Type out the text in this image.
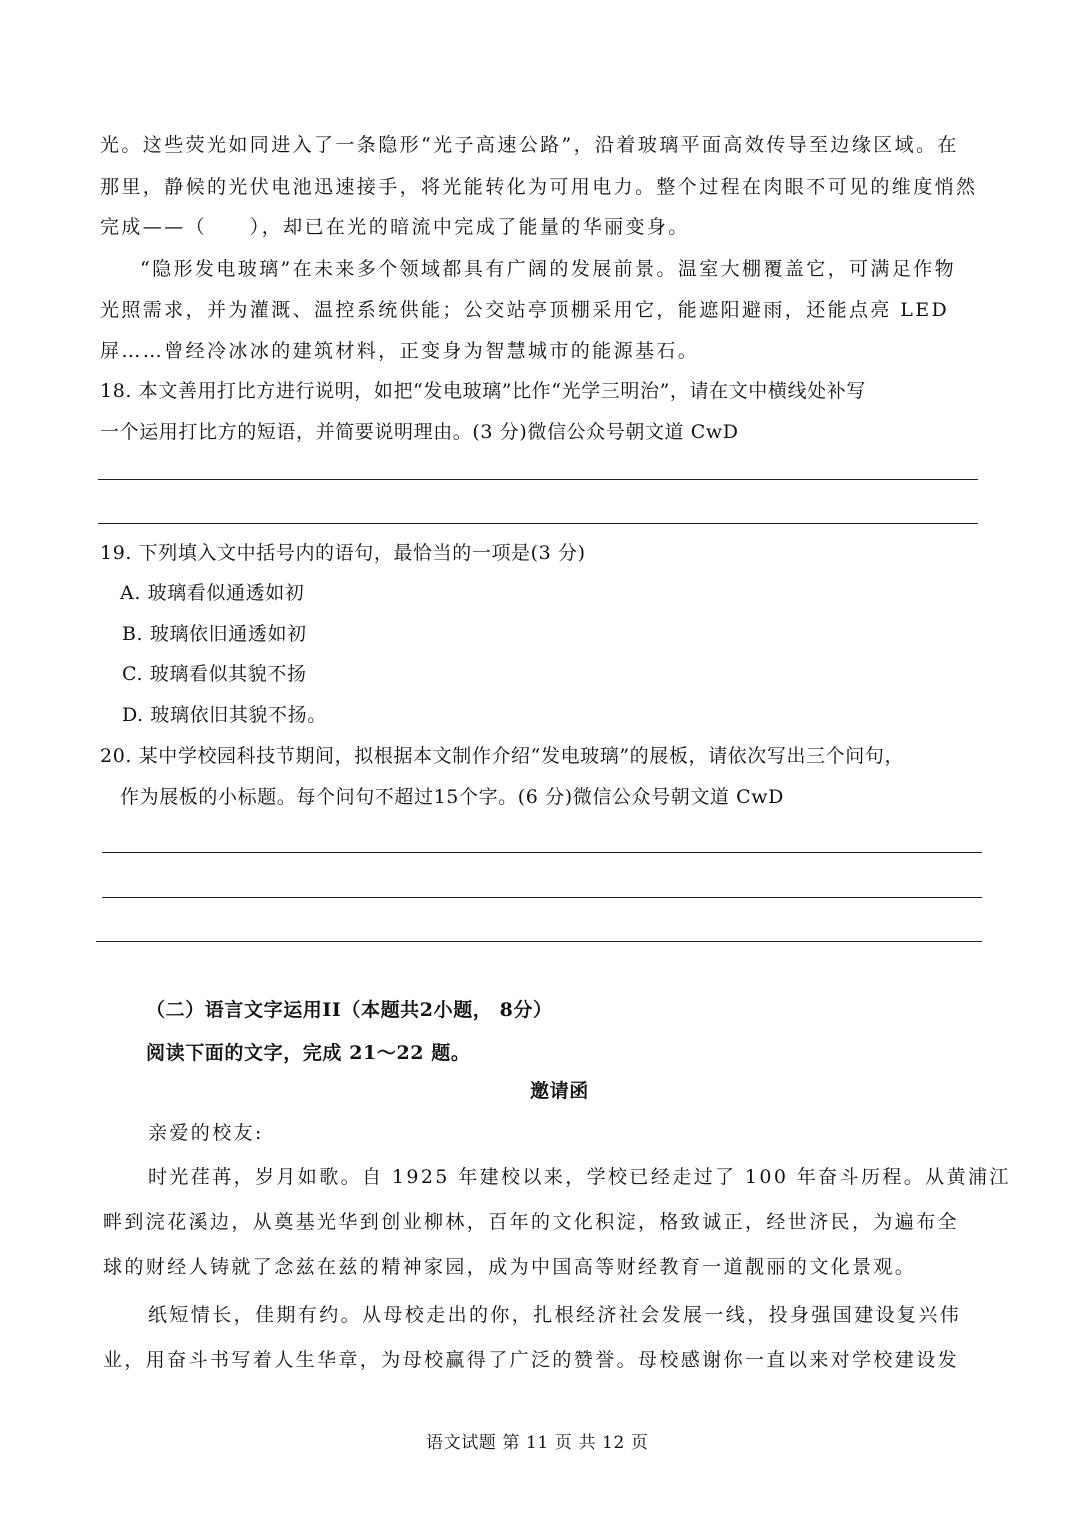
光。这些荧光如同进入了一条隐形“光子高速公路”，沿着玻璃平面高效传导至边缘区域。在
那里，静候的光伏电池迅速接手，将光能转化为可用电力。整个过程在肉眼不可见的维度悄然
完成——（　　），却已在光的暗流中完成了能量的华丽变身。
“隐形发电玻璃”在未来多个领域都具有广阔的发展前景。温室大棚覆盖它，可满足作物
光照需求，并为灌溉、温控系统供能；公交站亭顶棚采用它，能遮阳避雨，还能点亮 LED
屏……曾经冷冰冰的建筑材料，正变身为智慧城市的能源基石。
18. 本文善用打比方进行说明，如把“发电玻璃”比作“光学三明治”，请在文中横线处补写
一个运用打比方的短语，并简要说明理由。(3 分)微信公众号朝文道 CwD
19. 下列填入文中括号内的语句，最恰当的一项是(3 分)
A. 玻璃看似通透如初
B. 玻璃依旧通透如初
C. 玻璃看似其貌不扬
D. 玻璃依旧其貌不扬。
20. 某中学校园科技节期间，拟根据本文制作介绍“发电玻璃”的展板，请依次写出三个问句，
作为展板的小标题。每个问句不超过15个字。(6 分)微信公众号朝文道 CwD
（二）语言文字运用II（本题共2小题， 8分）
阅读下面的文字，完成 21～22 题。
邀请函
亲爱的校友:
时光荏苒，岁月如歌。自 1925 年建校以来，学校已经走过了 100 年奋斗历程。从黄浦江
畔到浣花溪边，从奠基光华到创业柳林，百年的文化积淀，格致诚正，经世济民，为遍布全
球的财经人铸就了念兹在兹的精神家园，成为中国高等财经教育一道靓丽的文化景观。
纸短情长，佳期有约。从母校走出的你，扎根经济社会发展一线，投身强国建设复兴伟
业，用奋斗书写着人生华章，为母校赢得了广泛的赞誉。母校感谢你一直以来对学校建设发
语文试题 第 11 页 共 12 页
